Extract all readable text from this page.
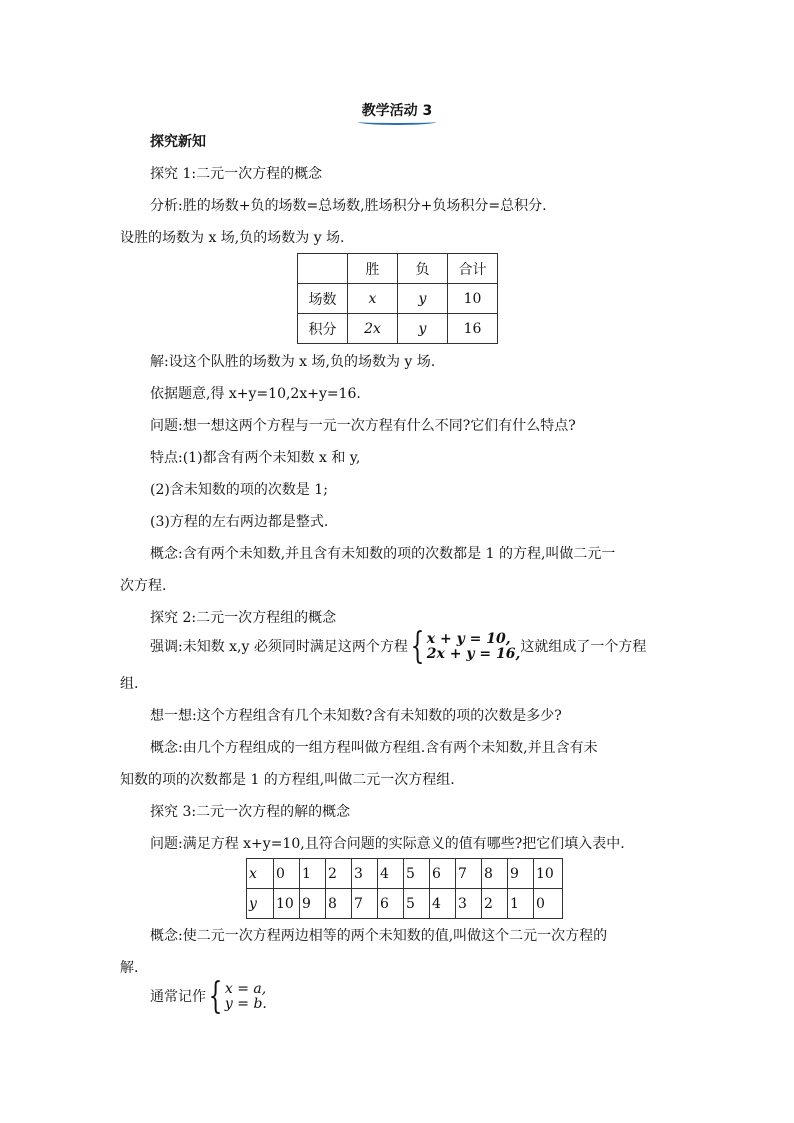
教学活动 3
探究新知
探究 1:二元一次方程的概念
分析:胜的场数+负的场数=总场数,胜场积分+负场积分=总积分.
设胜的场数为 x 场,负的场数为 y 场.
	胜	负	合计
场数	x	y	10
积分	2x	y	16
解:设这个队胜的场数为 x 场,负的场数为 y 场.
依据题意,得 x+y=10,2x+y=16.
问题:想一想这两个方程与一元一次方程有什么不同?它们有什么特点?
特点:(1)都含有两个未知数 x 和 y,
(2)含未知数的项的次数是 1;
(3)方程的左右两边都是整式.
概念:含有两个未知数,并且含有未知数的项的次数都是 1 的方程,叫做二元一
次方程.
探究 2:二元一次方程组的概念
强调:未知数 x,y 必须同时满足这两个方程{ x + y = 10,
2x + y = 16,这就组成了一个方程
组.
想一想:这个方程组含有几个未知数?含有未知数的项的次数是多少?
概念:由几个方程组成的一组方程叫做方程组.含有两个未知数,并且含有未
知数的项的次数都是 1 的方程组,叫做二元一次方程组.
探究 3:二元一次方程的解的概念
问题:满足方程 x+y=10,且符合问题的实际意义的值有哪些?把它们填入表中.
x	0	1	2	3	4	5	6	7	8	9	10
y	10	9	8	7	6	5	4	3	2	1	0
概念:使二元一次方程两边相等的两个未知数的值,叫做这个二元一次方程的
解.
通常记作{ x = a,
y = b.
